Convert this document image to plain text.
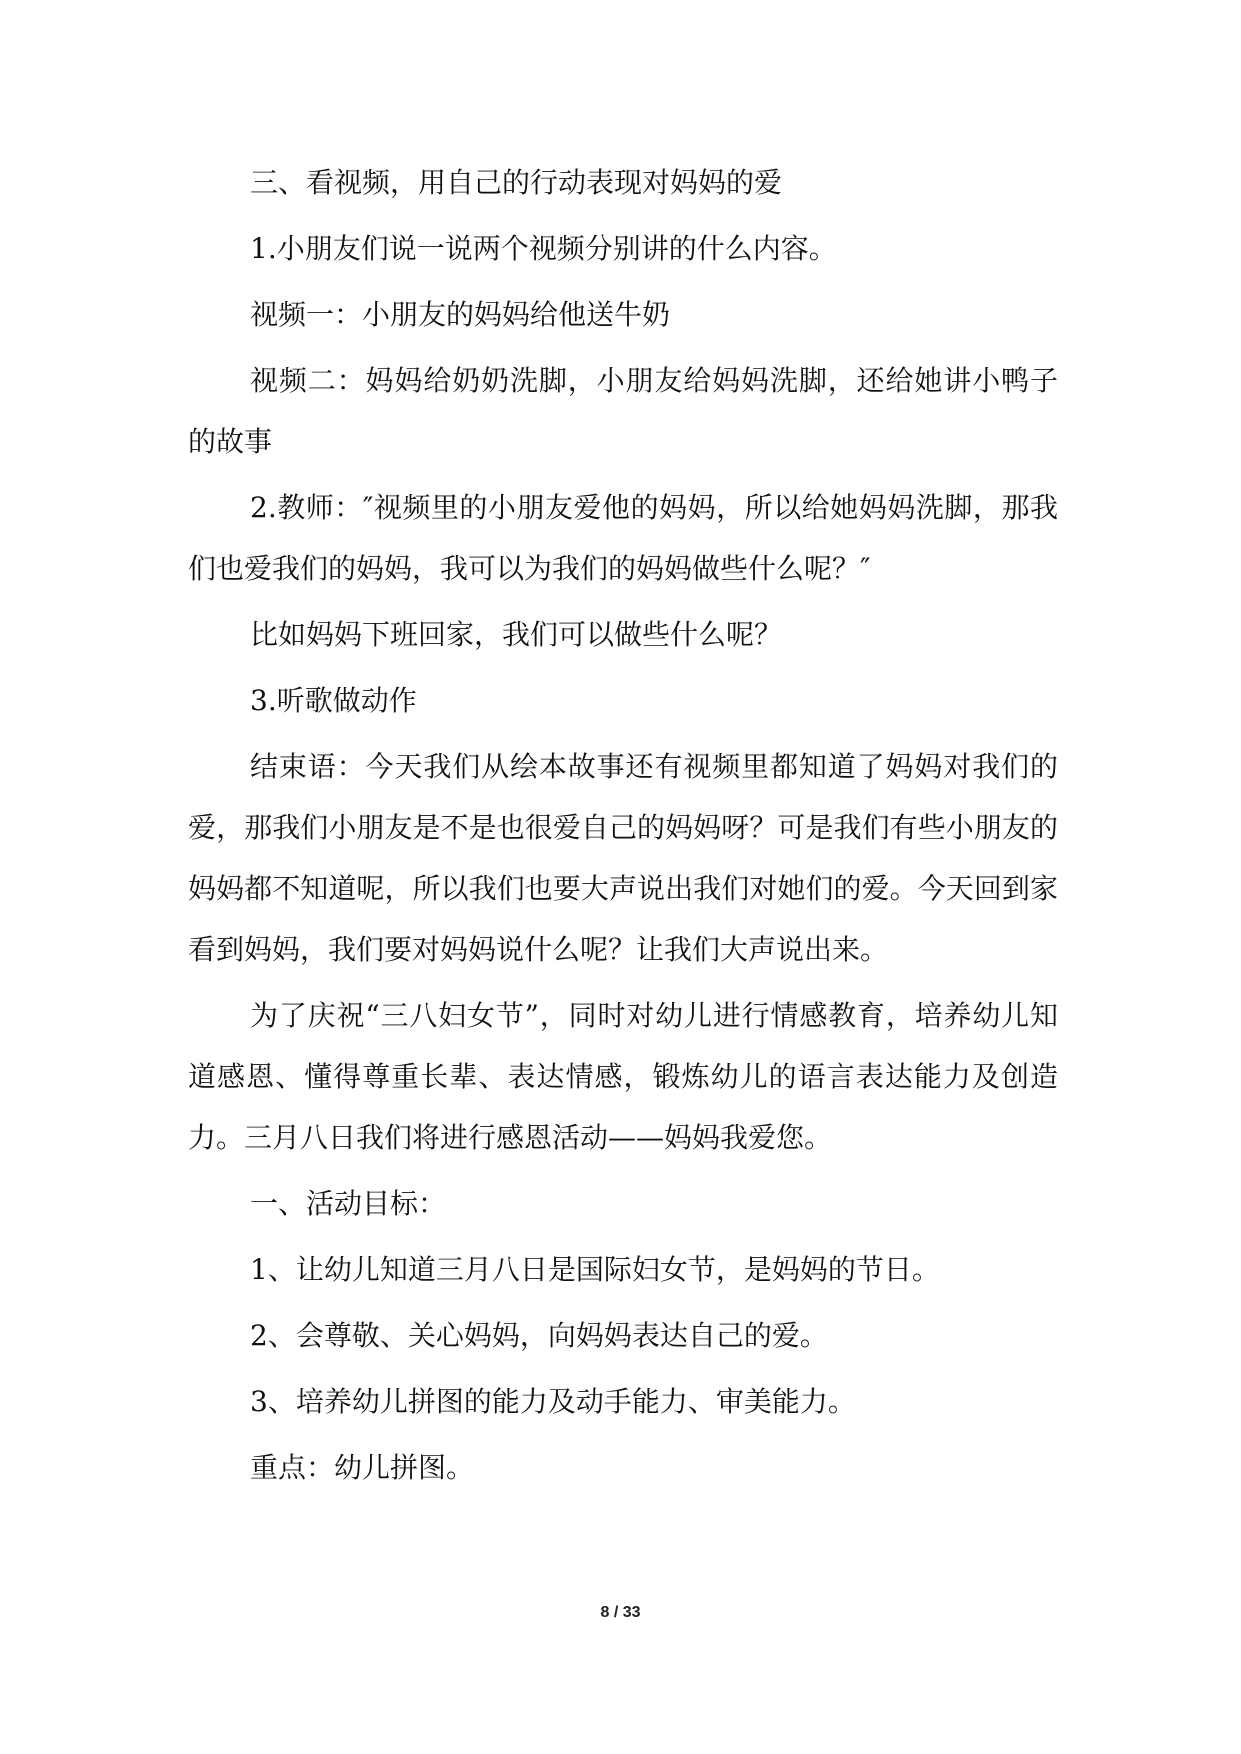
三、看视频，用自己的行动表现对妈妈的爱

1.小朋友们说一说两个视频分别讲的什么内容。

视频一：小朋友的妈妈给他送牛奶

视频二：妈妈给奶奶洗脚，小朋友给妈妈洗脚，还给她讲小鸭子的故事

2.教师：″视频里的小朋友爱他的妈妈，所以给她妈妈洗脚，那我们也爱我们的妈妈，我可以为我们的妈妈做些什么呢？″

比如妈妈下班回家，我们可以做些什么呢？

3.听歌做动作

结束语：今天我们从绘本故事还有视频里都知道了妈妈对我们的爱，那我们小朋友是不是也很爱自己的妈妈呀？可是我们有些小朋友的妈妈都不知道呢，所以我们也要大声说出我们对她们的爱。今天回到家看到妈妈，我们要对妈妈说什么呢？让我们大声说出来。

为了庆祝“三八妇女节”，同时对幼儿进行情感教育，培养幼儿知道感恩、懂得尊重长辈、表达情感，锻炼幼儿的语言表达能力及创造力。三月八日我们将进行感恩活动——妈妈我爱您。

一、活动目标：

1、让幼儿知道三月八日是国际妇女节，是妈妈的节日。

2、会尊敬、关心妈妈，向妈妈表达自己的爱。

3、培养幼儿拼图的能力及动手能力、审美能力。

重点：幼儿拼图。

8 / 33
